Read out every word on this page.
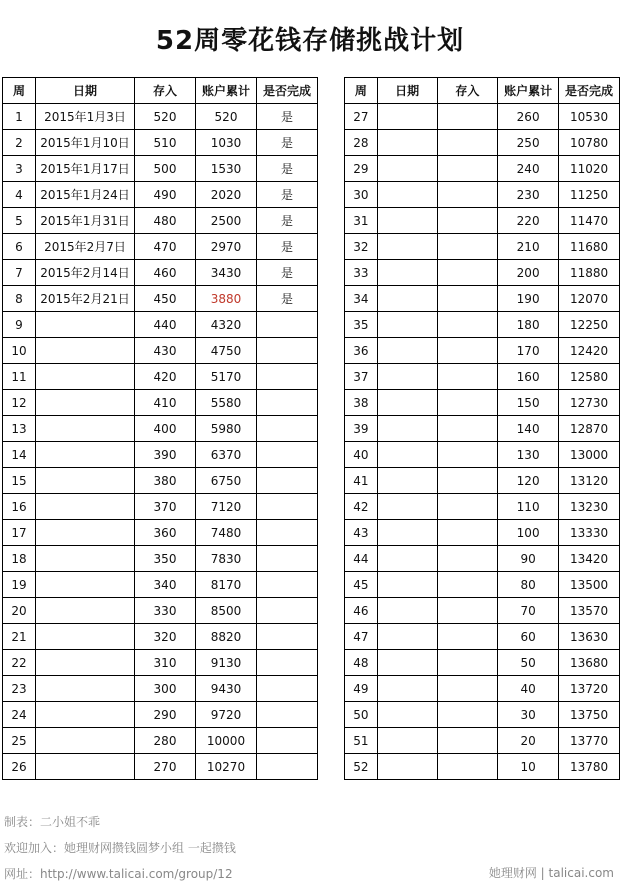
52周零花钱存储挑战计划
周	日期	存入	账户累计	是否完成
1	2015年1月3日	520	520	是
2	2015年1月10日	510	1030	是
3	2015年1月17日	500	1530	是
4	2015年1月24日	490	2020	是
5	2015年1月31日	480	2500	是
6	2015年2月7日	470	2970	是
7	2015年2月14日	460	3430	是
8	2015年2月21日	450	3880	是
9		440	4320	
10		430	4750	
11		420	5170	
12		410	5580	
13		400	5980	
14		390	6370	
15		380	6750	
16		370	7120	
17		360	7480	
18		350	7830	
19		340	8170	
20		330	8500	
21		320	8820	
22		310	9130	
23		300	9430	
24		290	9720	
25		280	10000	
26		270	10270	
周	日期	存入	账户累计	是否完成
27			260	10530
28			250	10780
29			240	11020
30			230	11250
31			220	11470
32			210	11680
33			200	11880
34			190	12070
35			180	12250
36			170	12420
37			160	12580
38			150	12730
39			140	12870
40			130	13000
41			120	13120
42			110	13230
43			100	13330
44			90	13420
45			80	13500
46			70	13570
47			60	13630
48			50	13680
49			40	13720
50			30	13750
51			20	13770
52			10	13780
制表：二小姐不乖
欢迎加入：她理财网攒钱圆梦小组 一起攒钱
网址：http://www.talicai.com/group/12	她理财网 | talicai.com
